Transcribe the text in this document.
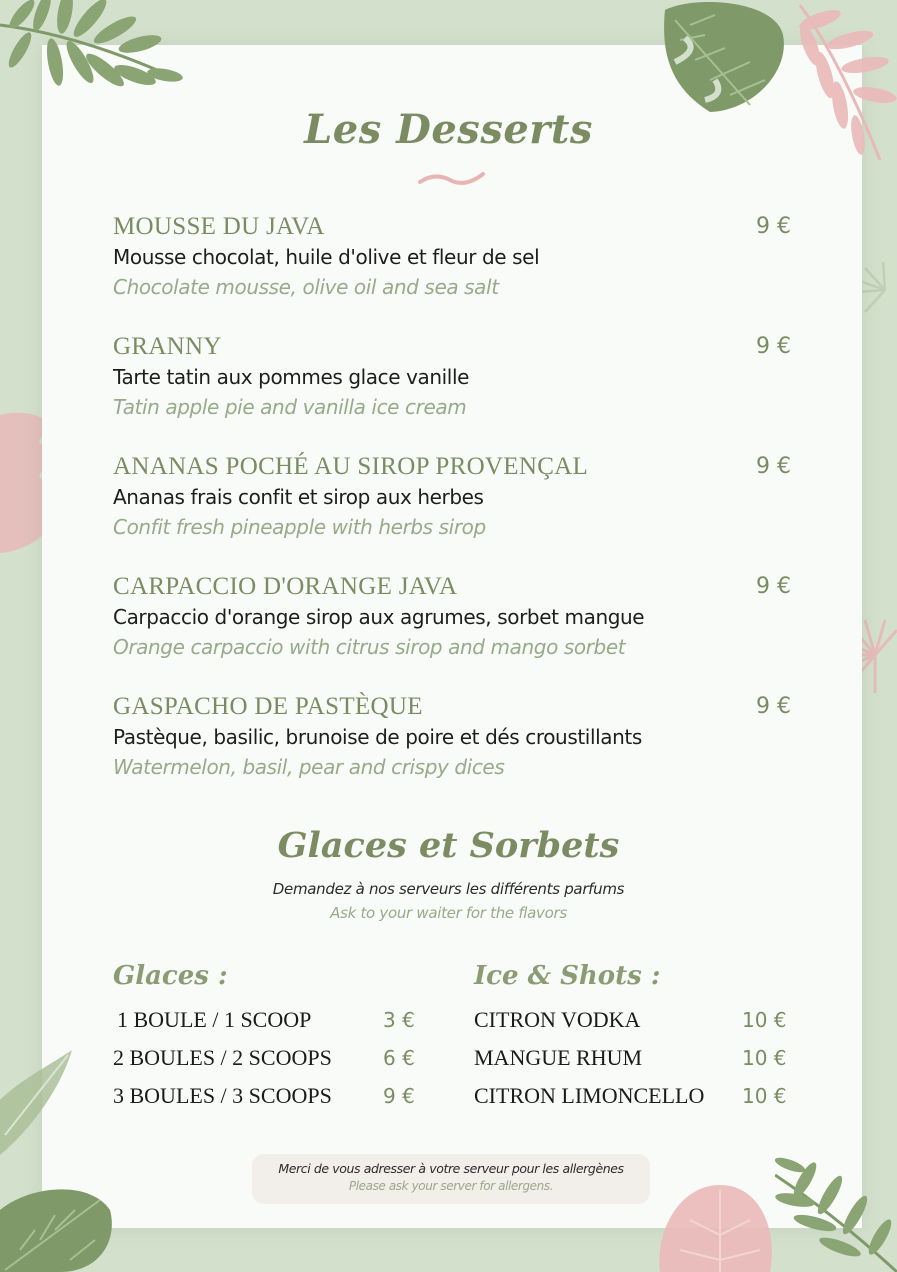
Les Desserts
MOUSSE DU JAVA
Mousse chocolat, huile d'olive et fleur de sel
Chocolate mousse, olive oil and sea salt
9 €
GRANNY
Tarte tatin aux pommes glace vanille
Tatin apple pie and vanilla ice cream
9 €
ANANAS POCHÉ AU SIROP PROVENÇAL
Ananas frais confit et sirop aux herbes
Confit fresh pineapple with herbs sirop
9 €
CARPACCIO D'ORANGE JAVA
Carpaccio d'orange sirop aux agrumes, sorbet mangue
Orange carpaccio with citrus sirop and mango sorbet
9 €
GASPACHO DE PASTÈQUE
Pastèque, basilic, brunoise de poire et dés croustillants
Watermelon, basil, pear and crispy dices
9 €
Glaces et Sorbets
Demandez à nos serveurs les différents parfums
Ask to your waiter for the flavors
Glaces :
1 BOULE / 1 SCOOP	3 €
2 BOULES / 2 SCOOPS	6 €
3 BOULES / 3 SCOOPS	9 €
Ice & Shots :
CITRON VODKA	10 €
MANGUE RHUM	10 €
CITRON LIMONCELLO 10 €
Merci de vous adresser à votre serveur pour les allergènes
Please ask your server for allergens.
